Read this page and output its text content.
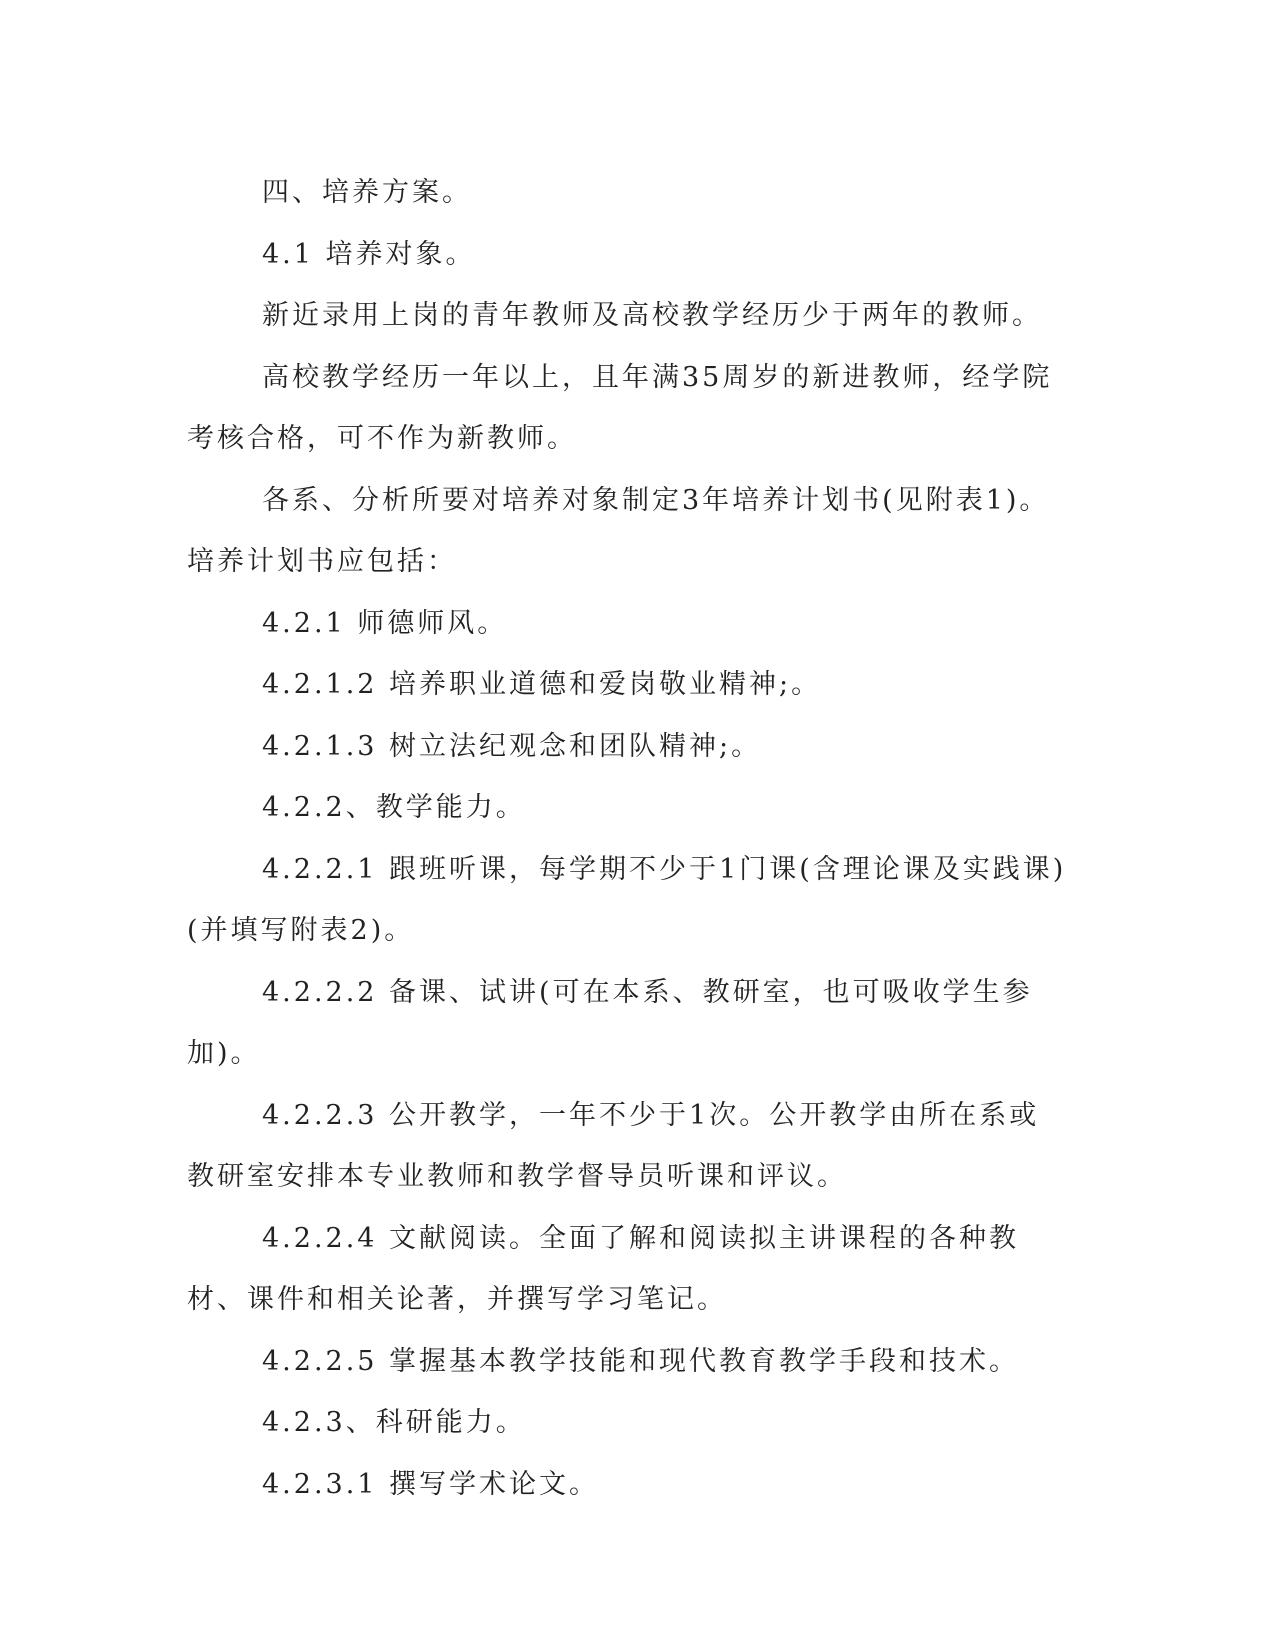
四、培养方案。

4.1 培养对象。

新近录用上岗的青年教师及高校教学经历少于两年的教师。

高校教学经历一年以上，且年满35周岁的新进教师，经学院考核合格，可不作为新教师。

各系、分析所要对培养对象制定3年培养计划书(见附表1)。培养计划书应包括：

4.2.1 师德师风。

4.2.1.2 培养职业道德和爱岗敬业精神;。

4.2.1.3 树立法纪观念和团队精神;。

4.2.2、教学能力。

4.2.2.1 跟班听课，每学期不少于1门课(含理论课及实践课)(并填写附表2)。

4.2.2.2 备课、试讲(可在本系、教研室，也可吸收学生参加)。

4.2.2.3 公开教学，一年不少于1次。公开教学由所在系或教研室安排本专业教师和教学督导员听课和评议。

4.2.2.4 文献阅读。全面了解和阅读拟主讲课程的各种教材、课件和相关论著，并撰写学习笔记。

4.2.2.5 掌握基本教学技能和现代教育教学手段和技术。

4.2.3、科研能力。

4.2.3.1 撰写学术论文。
